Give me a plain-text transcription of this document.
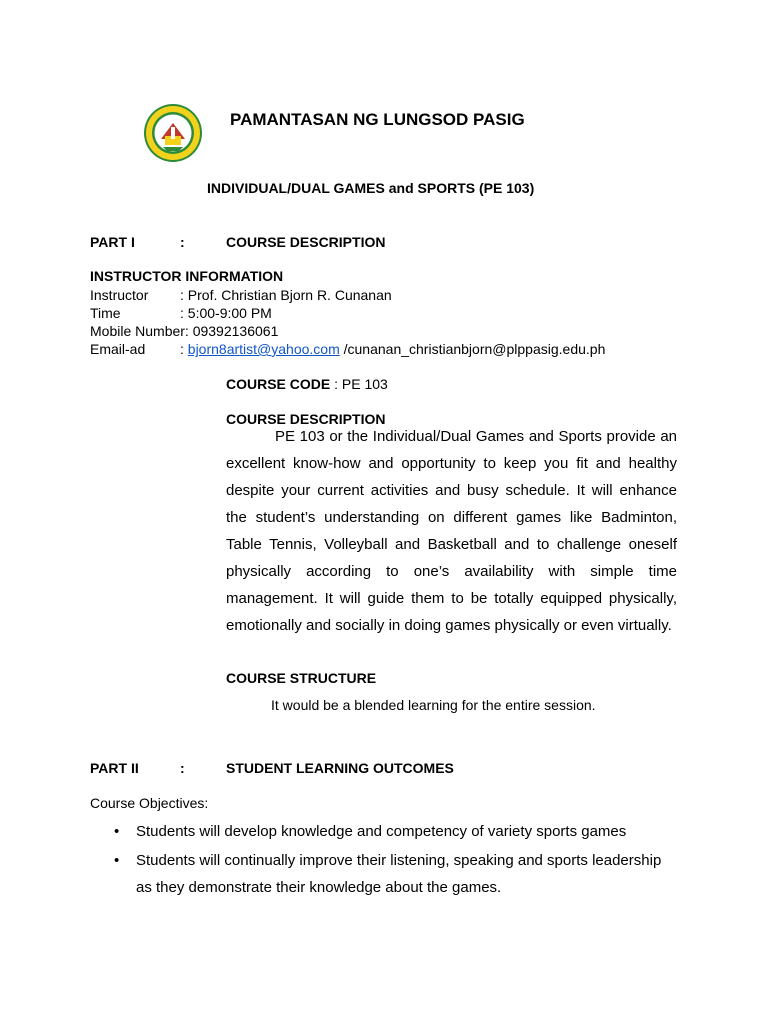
PAMANTASAN NG LUNGSOD PASIG
INDIVIDUAL/DUAL GAMES and SPORTS (PE 103)
PART I	:	COURSE DESCRIPTION
INSTRUCTOR INFORMATION
Instructor : Prof. Christian Bjorn R. Cunanan
Time	: 5:00-9:00 PM
Mobile Number: 09392136061
Email-ad : bjorn8artist@yahoo.com /cunanan_christianbjorn@plppasig.edu.ph
COURSE CODE : PE 103
COURSE DESCRIPTION
PE 103 or the Individual/Dual Games and Sports provide an excellent know-how and opportunity to keep you fit and healthy despite your current activities and busy schedule. It will enhance the student’s understanding on different games like Badminton, Table Tennis, Volleyball and Basketball and to challenge oneself physically according to one’s availability with simple time management. It will guide them to be totally equipped physically, emotionally and socially in doing games physically or even virtually.
COURSE STRUCTURE
It would be a blended learning for the entire session.
PART II	:	STUDENT LEARNING OUTCOMES
Course Objectives:
• Students will develop knowledge and competency of variety sports games
• Students will continually improve their listening, speaking and sports leadership as they demonstrate their knowledge about the games.
